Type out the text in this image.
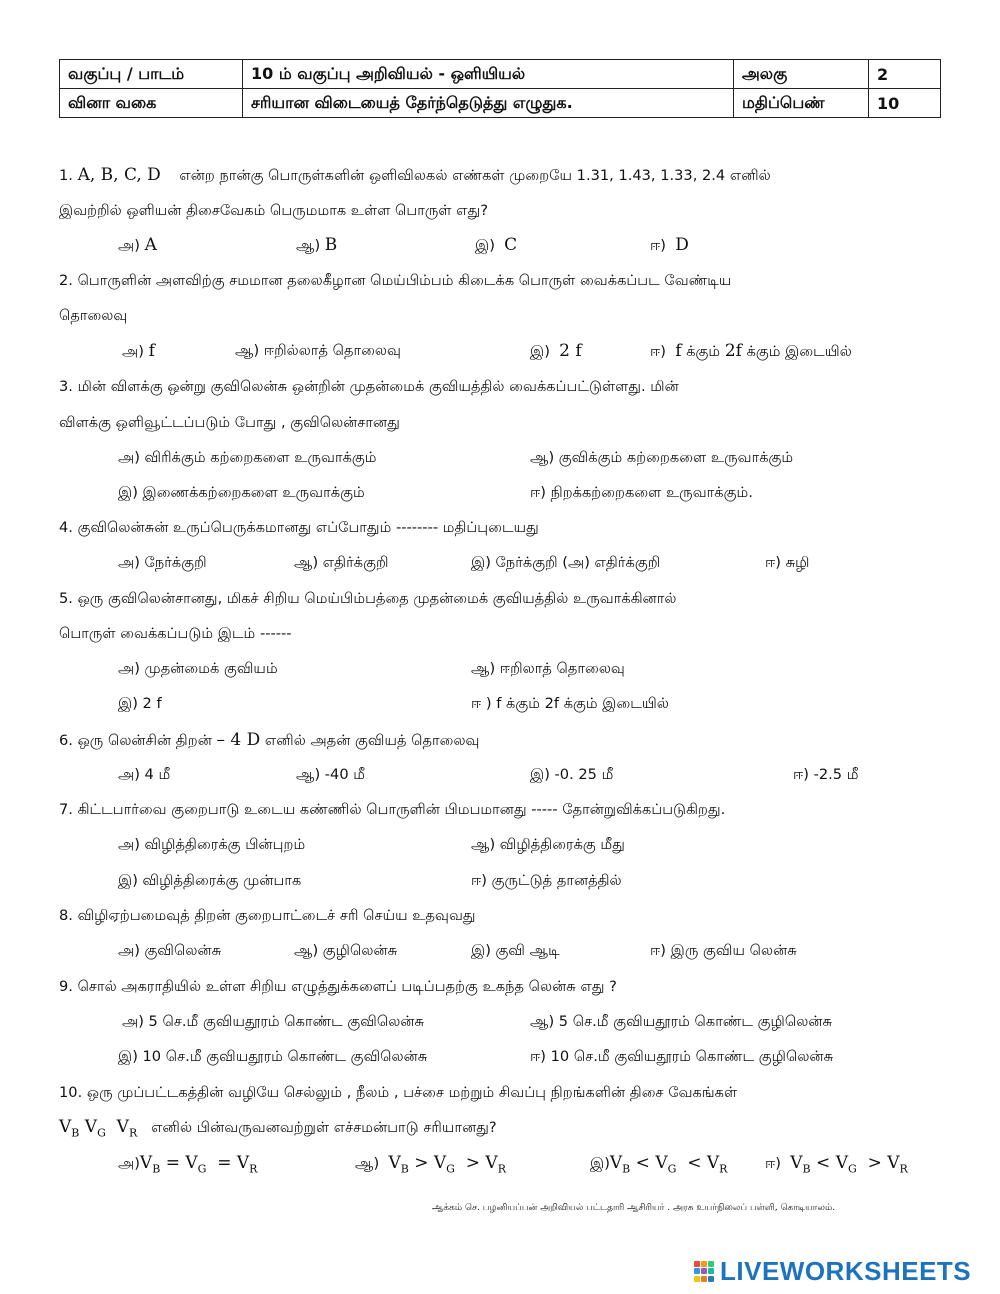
வகுப்பு / பாடம்	10 ம் வகுப்பு அறிவியல் - ஒளியியல்	அலகு	2
வினா வகை	சரியான விடையைத் தேர்ந்தெடுத்து எழுதுக.	மதிப்பெண்	10
1. A, B, C, D என்ற நான்கு பொருள்களின் ஒளிவிலகல் எண்கள் முறையே 1.31, 1.43, 1.33, 2.4 எனில்
இவற்றில் ஒளியன் திசைவேகம் பெருமமாக உள்ள பொருள் எது?
அ) A	ஆ) B	இ) C	ஈ) D
2. பொருளின் அளவிற்கு சமமான தலைகீழான மெய்பிம்பம் கிடைக்க பொருள் வைக்கப்பட வேண்டிய
தொலைவு
அ) f	ஆ) ஈறில்லாத் தொலைவு	இ) 2 f	ஈ) f க்கும் 2f க்கும் இடையில்
3. மின் விளக்கு ஒன்று குவிலென்சு ஒன்றின் முதன்மைக் குவியத்தில் வைக்கப்பட்டுள்ளது. மின்
விளக்கு ஒளிவூட்டப்படும் போது , குவிலென்சானது
அ) விரிக்கும் கற்றைகளை உருவாக்கும்	ஆ) குவிக்கும் கற்றைகளை உருவாக்கும்
இ) இணைக்கற்றைகளை உருவாக்கும்	ஈ) நிறக்கற்றைகளை உருவாக்கும்.
4. குவிலென்சுன் உருப்பெருக்கமானது எப்போதும் -------- மதிப்புடையது
அ) நேர்க்குறி	ஆ) எதிர்க்குறி	இ) நேர்க்குறி (அ) எதிர்க்குறி	ஈ) சுழி
5. ஒரு குவிலென்சானது, மிகச் சிறிய மெய்பிம்பத்தை முதன்மைக் குவியத்தில் உருவாக்கினால்
பொருள் வைக்கப்படும் இடம் ------
அ) முதன்மைக் குவியம்	ஆ) ஈறிலாத் தொலைவு
இ) 2 f	ஈ ) f க்கும் 2f க்கும் இடையில்
6. ஒரு லென்சின் திறன் – 4 D எனில் அதன் குவியத் தொலைவு
அ) 4 மீ	ஆ) -40 மீ	இ) -0. 25 மீ	ஈ) -2.5 மீ
7. கிட்டபார்வை குறைபாடு உடைய கண்ணில் பொருளின் பிமபமானது ----- தோன்றுவிக்கப்படுகிறது.
அ) விழித்திரைக்கு பின்புறம்	ஆ) விழித்திரைக்கு மீது
இ) விழித்திரைக்கு முன்பாக	ஈ) குருட்டுத் தானத்தில்
8. விழிஏற்பமைவுத் திறன் குறைபாட்டைச் சரி செய்ய உதவுவது
அ) குவிலென்சு	ஆ) குழிலென்சு	இ) குவி ஆடி	ஈ) இரு குவிய லென்சு
9. சொல் அகராதியில் உள்ள சிறிய எழுத்துக்களைப் படிப்பதற்கு உகந்த லென்சு எது ?
அ) 5 செ.மீ குவியதூரம் கொண்ட குவிலென்சு	ஆ) 5 செ.மீ குவியதூரம் கொண்ட குழிலென்சு
இ) 10 செ.மீ குவியதூரம் கொண்ட குவிலென்சு	ஈ) 10 செ.மீ குவியதூரம் கொண்ட குழிலென்சு
10. ஒரு முப்பட்டகத்தின் வழியே செல்லும் , நீலம் , பச்சை மற்றும் சிவப்பு நிறங்களின் திசை வேகங்கள்
$V_B$ $V_G$  $V_R$ எனில் பின்வருவனவற்றுள் எச்சமன்பாடு சரியானது?
$அ)V_B = V_G = V_R$	ஆ) $V_B > V_G > V_R$	$இ)V_B < V_G < V_R$	ஈ) $V_B < V_G > V_R$
ஆக்கம் செ. பழனியப்பன் அறிவியல் பட்டதாரி ஆசிரியர் . அரசு உயர்நிலைப் பள்ளி, கொடியாலம்.
LIVEWORKSHEETS
